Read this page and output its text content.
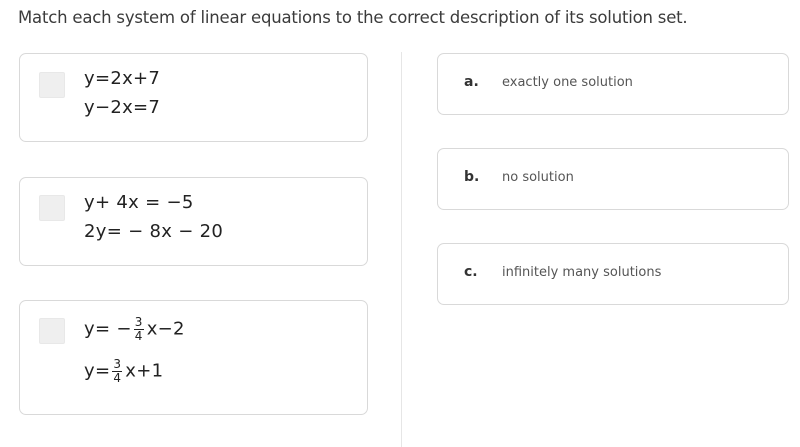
Match each system of linear equations to the correct description of its solution set.
y=2x+7
y−2x=7
y+ 4x = −5
2y= − 8x − 20
$y= - \frac{3}{4} x-2$
$y= \frac{3}{4} x+1$
a. exactly one solution
b. no solution
c. infinitely many solutions
